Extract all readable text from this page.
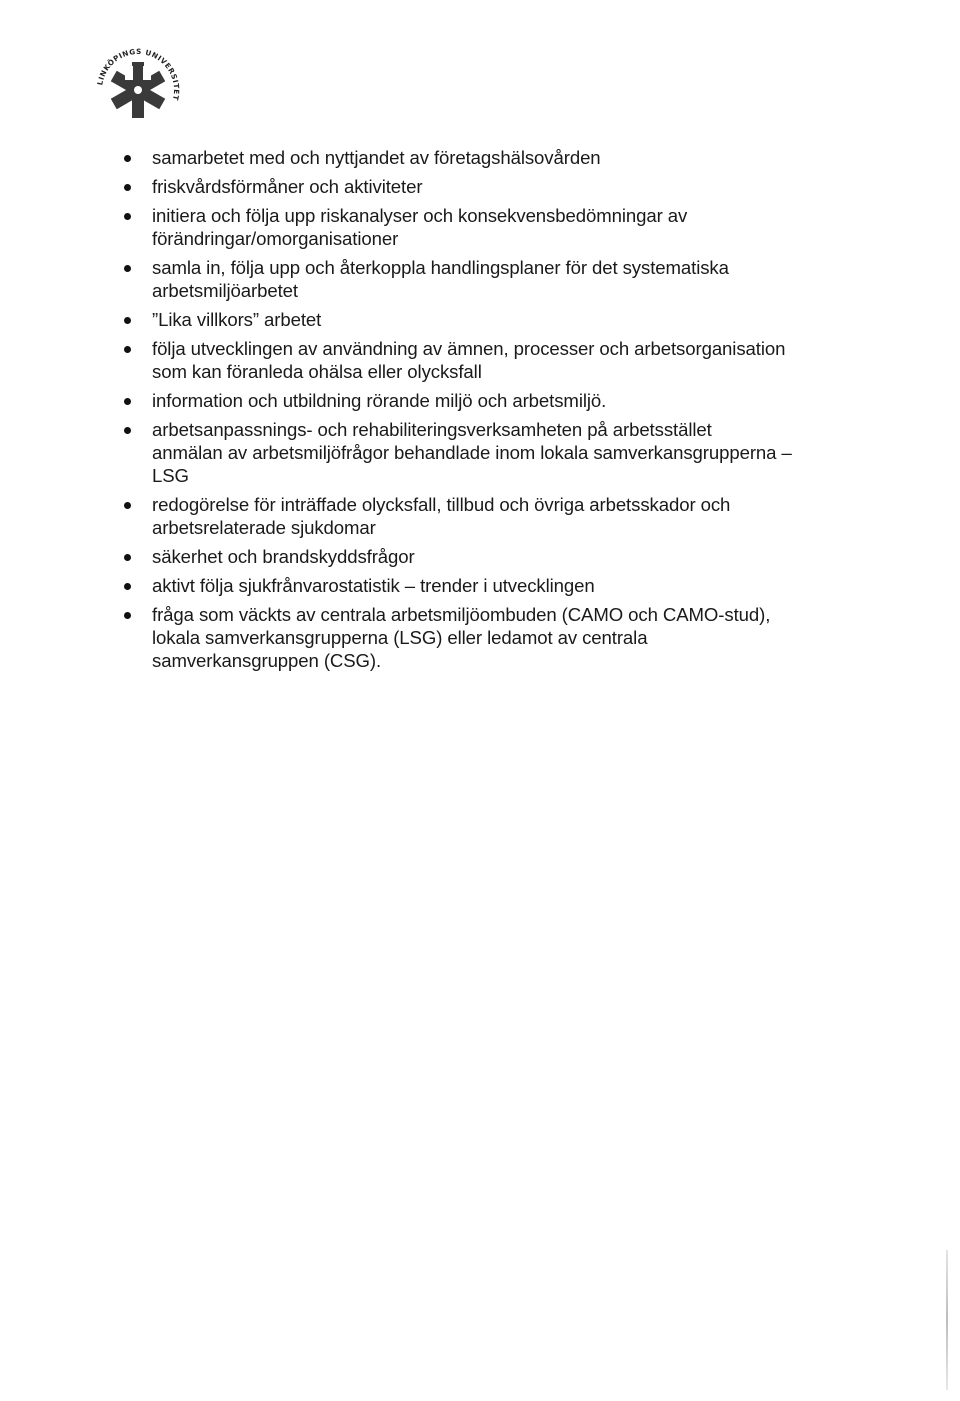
LINKÖPINGS UNIVERSITET
samarbetet med och nyttjandet av företagshälsovården
friskvårdsförmåner och aktiviteter
initiera och följa upp riskanalyser och konsekvensbedömningar av
förändringar/omorganisationer
samla in, följa upp och återkoppla handlingsplaner för det systematiska
arbetsmiljöarbetet
”Lika villkors” arbetet
följa utvecklingen av användning av ämnen, processer och arbetsorganisation
som kan föranleda ohälsa eller olycksfall
information och utbildning rörande miljö och arbetsmiljö.
arbetsanpassnings- och rehabiliteringsverksamheten på arbetsstället
anmälan av arbetsmiljöfrågor behandlade inom lokala samverkansgrupperna –
LSG
redogörelse för inträffade olycksfall, tillbud och övriga arbetsskador och
arbetsrelaterade sjukdomar
säkerhet och brandskyddsfrågor
aktivt följa sjukfrånvarostatistik – trender i utvecklingen
fråga som väckts av centrala arbetsmiljöombuden (CAMO och CAMO-stud),
lokala samverkansgrupperna (LSG) eller ledamot av centrala
samverkansgruppen (CSG).
